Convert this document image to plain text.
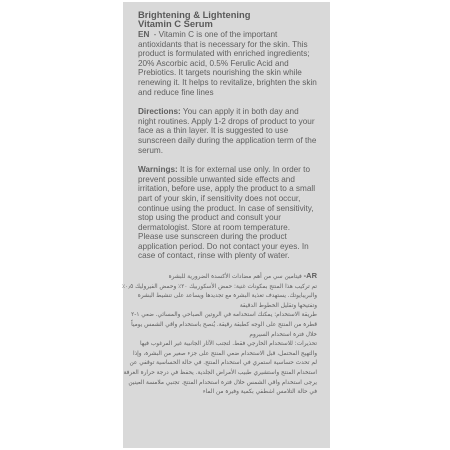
Brightening & Lightening
Vitamin C Serum
EN - Vitamin C is one of the important antioxidants that is necessary for the skin. This product is formulated with enriched ingredients; 20% Ascorbic acid, 0.5% Ferulic Acid and Prebiotics. It targets nourishing the skin while renewing it. It helps to revitalize, brighten the skin and reduce fine lines
Directions: You can apply it in both day and night routines. Apply 1-2 drops of product to your face as a thin layer. It is suggested to use sunscreen daily during the application term of the serum.
Warnings: It is for external use only. In order to prevent possible unwanted side effects and irritation, before use, apply the product to a small part of your skin, if sensitivity does not occur, continue using the product. In case of sensitivity, stop using the product and consult your dermatologist. Store at room temperature. Please use sunscreen during the product application period. Do not contact your eyes. In case of contact, rinse with plenty of water.
AR- فيتامين سي من أهم مضادات الأكسدة الضرورية للبشرة
تم تركيب هذا المنتج بمكونات غنية: حمض الأسكوربيك ٢٠٪ وحمض الفيروليك ٠٫٥٪
والبريبايوتك. يستهدف تغذية البشرة مع تجديدها ويساعد على تنشيط البشرة
وتفتيحها وتقليل الخطوط الدقيقة
طريقة الاستخدام: يمكنك استخدامه في الروتين الصباحي والمسائي. ضعي ١-٢
قطرة من المنتج على الوجه كطبقة رقيقة. يُنصح باستخدام واقي الشمس يومياً
خلال فترة استخدام السيروم
تحذيرات: للاستخدام الخارجي فقط. لتجنب الآثار الجانبية غير المرغوب فيها
والتهيج المحتمل، قبل الاستخدام ضعي المنتج على جزء صغير من البشرة، وإذا
لم تحدث حساسية استمري في استخدام المنتج. في حالة الحساسية توقفي عن
استخدام المنتج واستشيري طبيب الأمراض الجلدية. يحفظ في درجة حرارة الغرفة
يرجى استخدام واقي الشمس خلال فترة استخدام المنتج. تجنبي ملامسة العينين
في حالة التلامس اشطفي بكمية وفيرة من الماء
